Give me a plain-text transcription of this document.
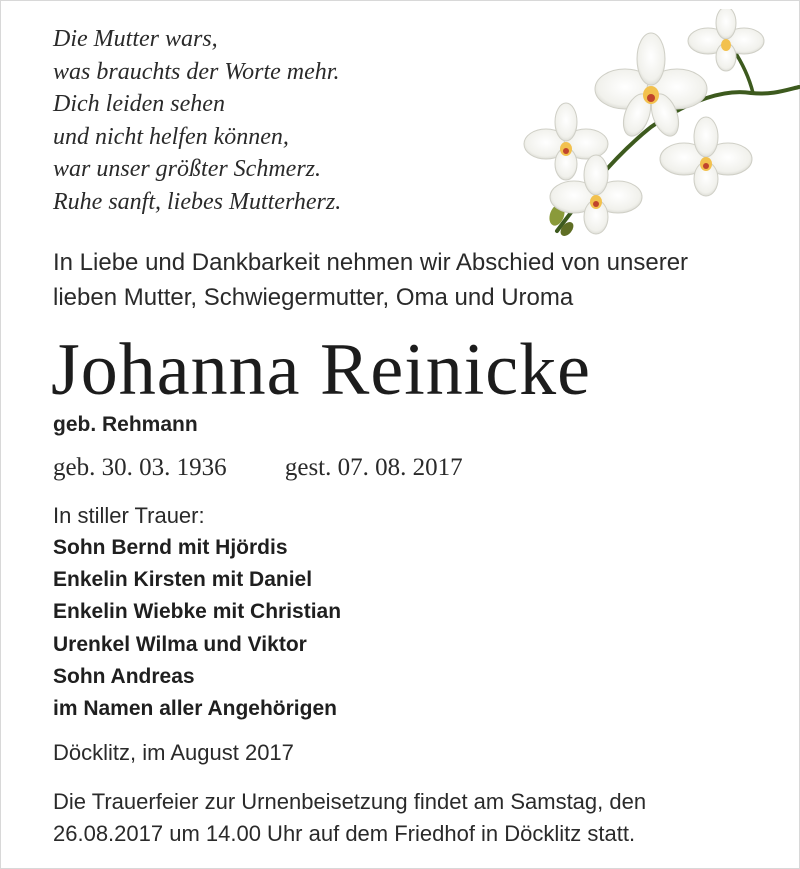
Die Mutter wars,
was brauchts der Worte mehr.
Dich leiden sehen
und nicht helfen können,
war unser größter Schmerz.
Ruhe sanft, liebes Mutterherz.
In Liebe und Dankbarkeit nehmen wir Abschied von unserer
lieben Mutter, Schwiegermutter, Oma und Uroma
Johanna Reinicke
geb. Rehmann
geb. 30. 03. 1936 gest. 07. 08. 2017
In stiller Trauer:
Sohn Bernd mit Hjördis
Enkelin Kirsten mit Daniel
Enkelin Wiebke mit Christian
Urenkel Wilma und Viktor
Sohn Andreas
im Namen aller Angehörigen
Döcklitz, im August 2017
Die Trauerfeier zur Urnenbeisetzung findet am Samstag, den
26.08.2017 um 14.00 Uhr auf dem Friedhof in Döcklitz statt.
